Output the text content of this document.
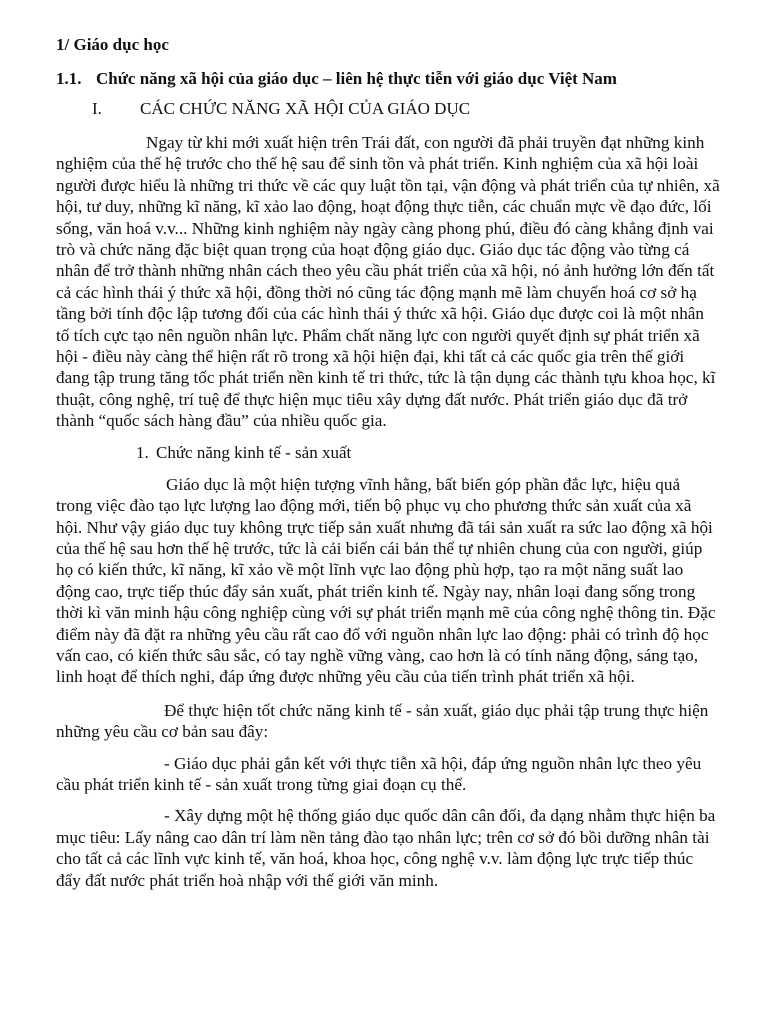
1/ Giáo dục học
1.1. Chức năng xã hội của giáo dục – liên hệ thực tiễn với giáo dục Việt Nam
I.	CÁC CHỨC NĂNG XÃ HỘI CỦA GIÁO DỤC

Ngay từ khi mới xuất hiện trên Trái đất, con người đã phải truyền đạt những kinh nghiệm của thế hệ trước cho thế hệ sau để sinh tồn và phát triển. Kinh nghiệm của xã hội loài người được hiểu là những tri thức về các quy luật tồn tại, vận động và phát triển của tự nhiên, xã hội, tư duy, những kĩ năng, kĩ xảo lao động, hoạt động thực tiễn, các chuẩn mực về đạo đức, lối sống, văn hoá v.v... Những kinh nghiệm này ngày càng phong phú, điều đó càng khẳng định vai trò và chức năng đặc biệt quan trọng của hoạt động giáo dục. Giáo dục tác động vào từng cá nhân để trở thành những nhân cách theo yêu cầu phát triển của xã hội, nó ảnh hưởng lớn đến tất cả các hình thái ý thức xã hội, đồng thời nó cũng tác động mạnh mẽ làm chuyển hoá cơ sở hạ tầng bởi tính độc lập tương đối của các hình thái ý thức xã hội. Giáo dục được coi là một nhân tố tích cực tạo nên nguồn nhân lực. Phẩm chất năng lực con người quyết định sự phát triển xã hội - điều này càng thể hiện rất rõ trong xã hội hiện đại, khi tất cả các quốc gia trên thế giới đang tập trung tăng tốc phát triển nền kinh tế tri thức, tức là tận dụng các thành tựu khoa học, kĩ thuật, công nghệ, trí tuệ để thực hiện mục tiêu xây dựng đất nước. Phát triển giáo dục đã trở thành “quốc sách hàng đầu” của nhiều quốc gia.

1. Chức năng kinh tế - sản xuất

Giáo dục là một hiện tượng vĩnh hằng, bất biến góp phần đắc lực, hiệu quả trong việc đào tạo lực lượng lao động mới, tiến bộ phục vụ cho phương thức sản xuất của xã hội. Như vậy giáo dục tuy không trực tiếp sản xuất nhưng đã tái sản xuất ra sức lao động xã hội của thế hệ sau hơn thế hệ trước, tức là cải biến cái bản thể tự nhiên chung của con người, giúp họ có kiến thức, kĩ năng, kĩ xảo về một lĩnh vực lao động phù hợp, tạo ra một năng suất lao động cao, trực tiếp thúc đẩy sản xuất, phát triển kinh tế. Ngày nay, nhân loại đang sống trong thời kì văn minh hậu công nghiệp cùng với sự phát triển mạnh mẽ của công nghệ thông tin. Đặc điểm này đã đặt ra những yêu cầu rất cao đổ với nguồn nhân lực lao động: phải có trình độ học vấn cao, có kiến thức sâu sắc, có tay nghề vững vàng, cao hơn là có tính năng động, sáng tạo, linh hoạt để thích nghi, đáp ứng được những yêu cầu của tiến trình phát triển xã hội.

Để thực hiện tốt chức năng kinh tế - sản xuất, giáo dục phải tập trung thực hiện những yêu cầu cơ bản sau đây:

- Giáo dục phải gắn kết với thực tiễn xã hội, đáp ứng nguồn nhân lực theo yêu cầu phát triển kinh tế - sản xuất trong từng giai đoạn cụ thể.

- Xây dựng một hệ thống giáo dục quốc dân cân đối, đa dạng nhằm thực hiện ba mục tiêu: Lấy nâng cao dân trí làm nền tảng đào tạo nhân lực; trên cơ sở đó bồi dưỡng nhân tài cho tất cả các lĩnh vực kinh tế, văn hoá, khoa học, công nghệ v.v. làm động lực trực tiếp thúc đẩy đất nước phát triển hoà nhập với thế giới văn minh.
